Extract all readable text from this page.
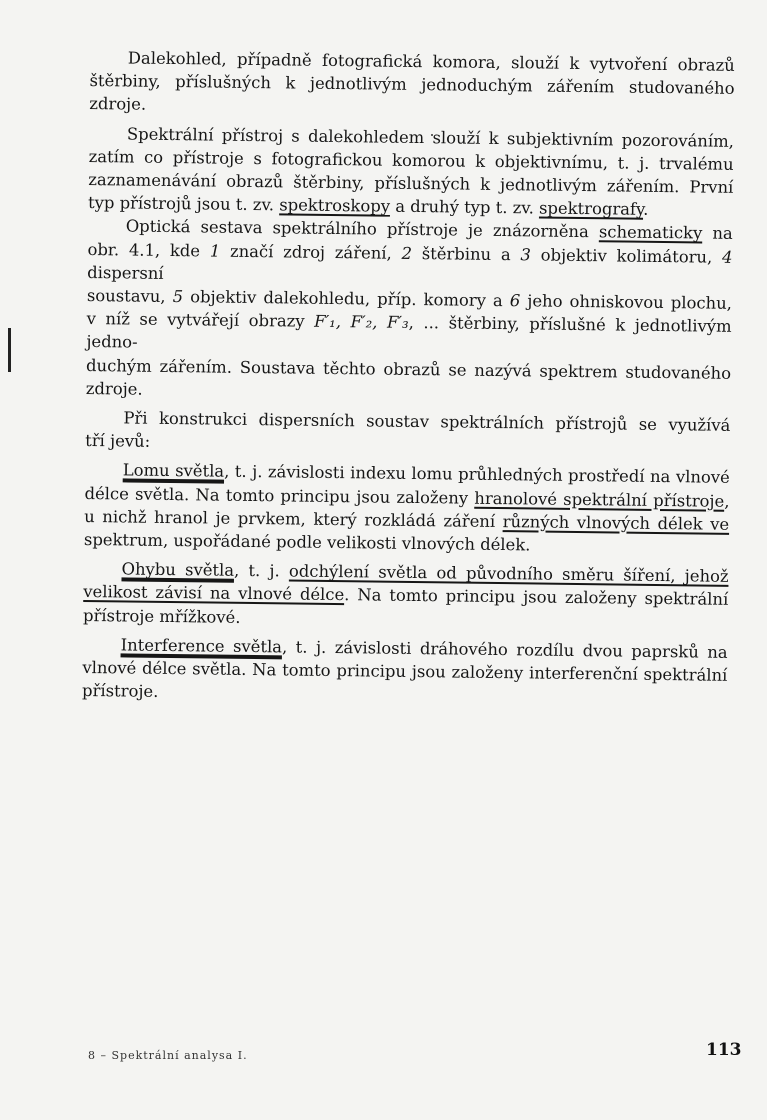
Dalekohled, případně fotografická komora, slouží k vytvoření obrazů
štěrbiny, příslušných k jednotlivým jednoduchým zářením studovaného
zdroje.
Spektrální přístroj s dalekohledem slouží k subjektivním pozorováním,
zatím co přístroje s fotografickou komorou k objektivnímu, t. j. trvalému
zaznamenávání obrazů štěrbiny, příslušných k jednotlivým zářením. První
typ přístrojů jsou t. zv. spektroskopy a druhý typ t. zv. spektrografy.
Optická sestava spektrálního přístroje je znázorněna schematicky na
obr. 4.1, kde 1 značí zdroj záření, 2 štěrbinu a 3 objektiv kolimátoru, 4 dispersní
soustavu, 5 objektiv dalekohledu, příp. komory a 6 jeho ohniskovou plochu,
v níž se vytvářejí obrazy F′₁, F′₂, F′₃, ... štěrbiny, příslušné k jednotlivým jedno-
duchým zářením. Soustava těchto obrazů se nazývá spektrem studovaného
zdroje.
Při konstrukci dispersních soustav spektrálních přístrojů se využívá
tří jevů:
Lomu světla, t. j. závislosti indexu lomu průhledných prostředí na vlnové
délce světla. Na tomto principu jsou založeny hranolové spektrální přístroje,
u nichž hranol je prvkem, který rozkládá záření různých vlnových délek ve
spektrum, uspořádané podle velikosti vlnových délek.
Ohybu světla, t. j. odchýlení světla od původního směru šíření, jehož
velikost závisí na vlnové délce. Na tomto principu jsou založeny spektrální
přístroje mřížkové.
Interference světla, t. j. závislosti dráhového rozdílu dvou paprsků na
vlnové délce světla. Na tomto principu jsou založeny interferenční spektrální
přístroje.
8 – Spektrální analysa I.	113
